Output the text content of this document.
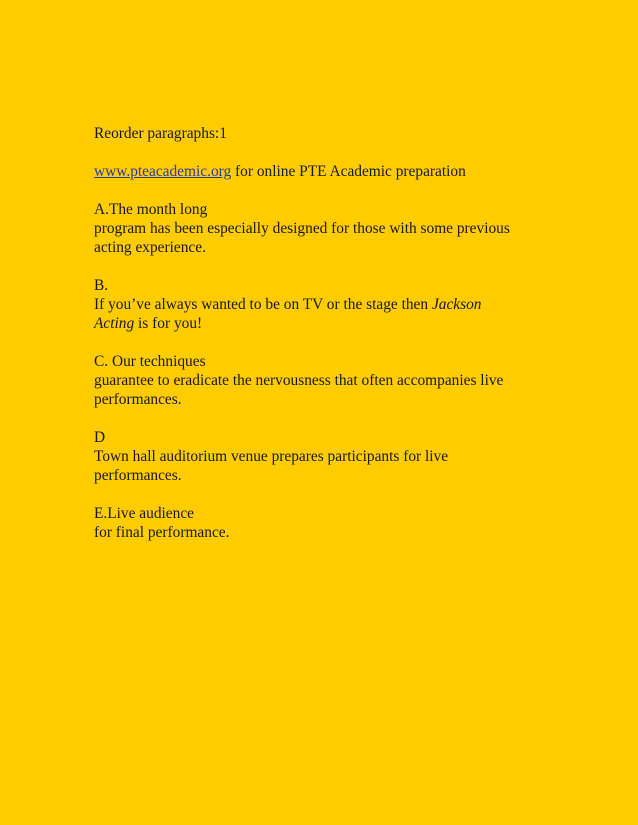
Reorder paragraphs:1
www.pteacademic.org for online PTE Academic preparation
A.The month long
program has been especially designed for those with some previous
acting experience.
B.
If you’ve always wanted to be on TV or the stage then Jackson
Acting is for you!
C. Our techniques
guarantee to eradicate the nervousness that often accompanies live
performances.
D
Town hall auditorium venue prepares participants for live
performances.
E.Live audience
for final performance.
